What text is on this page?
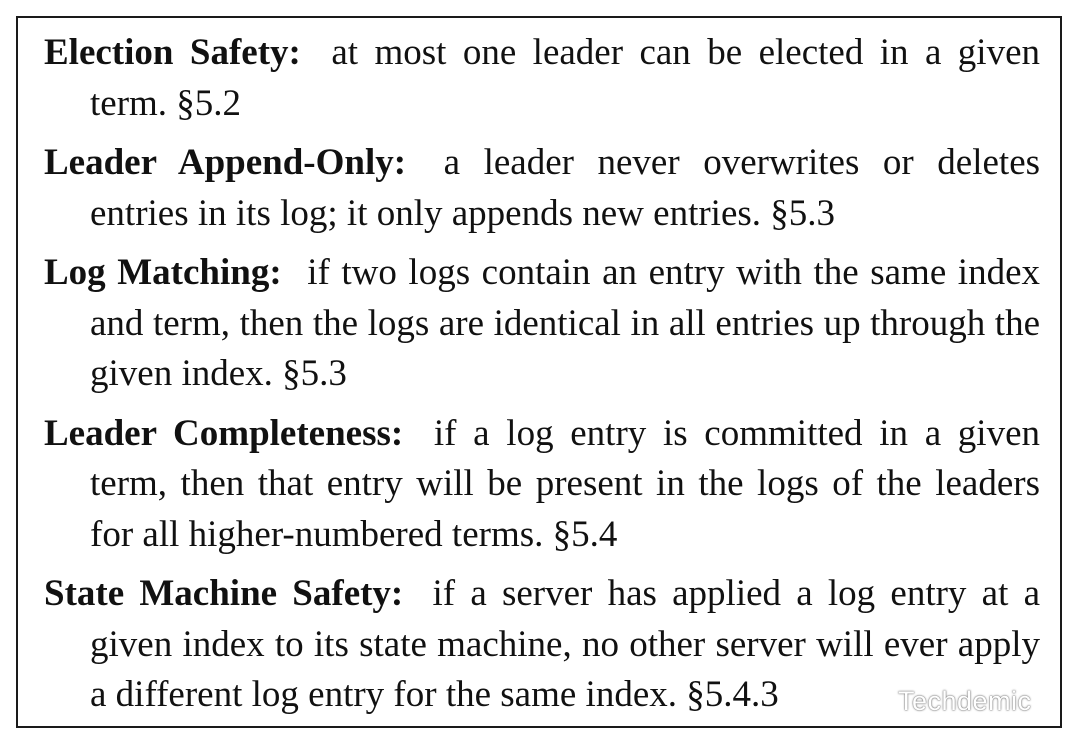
Election Safety: at most one leader can be elected in a given term. §5.2
Leader Append-Only: a leader never overwrites or deletes entries in its log; it only appends new entries. §5.3
Log Matching: if two logs contain an entry with the same index and term, then the logs are identical in all entries up through the given index. §5.3
Leader Completeness: if a log entry is committed in a given term, then that entry will be present in the logs of the leaders for all higher-numbered terms. §5.4
State Machine Safety: if a server has applied a log entry at a given index to its state machine, no other server will ever apply a different log entry for the same index. §5.4.3	Techdemic
